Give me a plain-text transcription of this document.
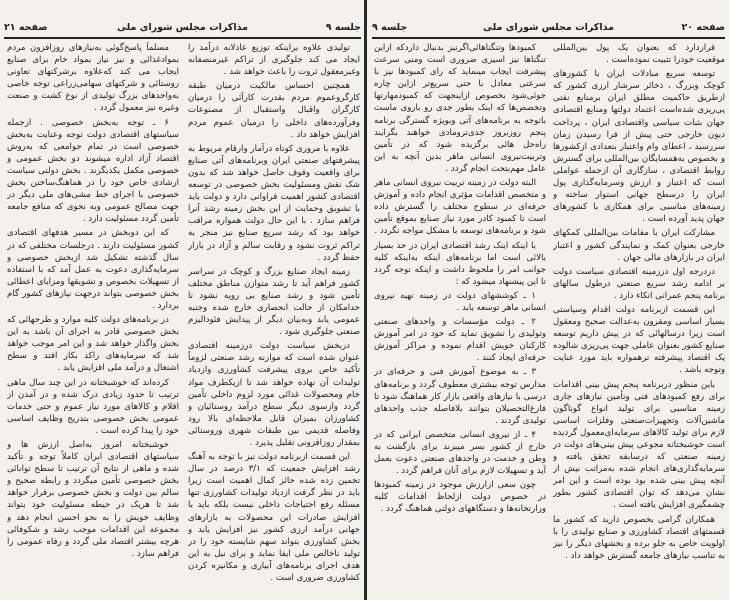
جلسه ۹
مذاکرات مجلس شورای ملی
صفحه ۲۱

تولیدی علاوه براینکه توزیع عادلانه درآمد را ایجاد می کند جلوگیری از تراکم غیرمنصفانه وغیرمعقول ثروت را باعث خواهد شد .

همچنین احساس مالکیت درمیان طبقه کارگروعموم مردم بقدرت کارآئی را درمیان کارگران واقبال واستقبال از مصنوعات وفرآورده‌های داخلی را درمیان عموم مردم افزایش خواهد داد .

علاوه با مروری کوتاه درآمار وارقام مربوط به پیشرفتهای صنعتی ایران وبرنامه‌های آتی صنایع برای واقعیت وقوف حاصل خواهد شد که بدون شک نقش ومسئولیت بخش خصوصی در توسعه اقتصادی کشور اهمیت فراوانی دارد و دولت باید با تشویق وحمایت از این بخش زمینه رشد آنرا فراهم سازد . با این حال دولت همواره مراقب خواهد بود که رشد سریع صنایع نیز منجر به تراکم ثروت نشود و رقابت سالم و آزاد در بازار حفظ گردد .

زمینه ایجاد صنایع بزرگ و کوچک در سراسر کشور فراهم آید تا رشد متوازن مناطق مختلف تأمین شود و رشد صنایع بی رویه نشود تا حدامکان از حالت انحصاری خارج شده وجنبه عمومی یابد وبه‌بیان دیگر از پیدایش فئودالیزم صنعتی جلوگیری شود .

دربخش سیاست دولت درزمینه اقتصادی عنوان شده است که موازنه رشد صنعتی لزوماً تأکید خاص بروی پیشرفت کشاورزی وازدیاد تولیدات آن نهاده خواهد شد تا ازیکطرف مواد خام ومحصولات غذائی مورد لزوم داخلی تأمین گردد وازسوی دیگر سطح درآمد روستائیان و کشاورزان بمیزان قابل ملاحظه‌ای بالا رود وفاصله قدیمی بین طبقات شهری وروستائی بمقدار روزافزونی تقلیل پذیرد .

این قسمت ازبرنامه دولت نیز با توجه به آهنگ رشد افزایش جمعیت که ۳/۱ درصد در سال تخمین زده شده حائز کمال اهمیت است زیرا باید در نظر گرفت ازدیاد تولیدات کشاورزی تنها مسئله رفع احتیاجات داخلی نیست بلکه باید با افزایش صادرات این محصولات به بازارهای جهانی درآمد ارزی کشور نیز افزایش یابد و بخش کشاورزی بتواند سهم شایسته خود را در تولید ناخالص ملی ایفا نماید و برای نیل به این هدف اجرای برنامه‌های آبیاری و مکانیزه کردن کشاورزی ضروری است .

مسلماً پاسخ‌گوئی به‌نیازهای روزافزون مردم بموادغذائی و نیز نیاز بمواد خام برای صنایع ایجاب می کند که‌علاوه برشرکتهای تعاونی روستائی و شرکتهای سهامی‌زراعی توجه خاصی به‌واحدهای بزرگ تولیدی از نوع کشت و صنعت وغیره نیز معمول گردد .

۶ ـ توجه به‌بخش خصوصی . ازجمله سیاستهای اقتصادی دولت توجه وعنایت به‌بخش خصوصی است در تمام جوامعی که به‌روش اقتصاد آزاد اداره میشوند دو بخش عمومی و خصوصی مکمل یکدیگرند . بخش دولتی سیاست ارشادی خاص خود را در هماهنگ‌ساختن بخش خصوصی با اجرای خط مشی‌های ملی دیگر در جهت مصالح عمومی وبه نحوی که منافع جامعه تأمین گردد مسئولیت دارد .

که این دوبخش در مسیر هدفهای اقتصادی کشور مسئولیت دارند . درجلسات مختلفی که در سال گذشته تشکیل شد ازبخش خصوصی و سرمایه‌گذاری دعوت به عمل آمد که با استفاده از تسهیلات بخصوص و تشویقها ومزایای اعطائی بخش خصوصی بتواند درجهت نیازهای کشور گام بردارد .

در برنامه‌های دولت کلیه موارد و طرحهائی که بخش خصوصی قادر به اجرای آن باشد به این بخش واگذار خواهد شد و این امر موجب خواهد شد که سرمایه‌های راکد بکار افتد و سطح اشتغال و درآمد ملی افزایش یابد .

کرده‌اند که خوشبختانه در این چند سال ماهی ترتیب تا حدود زیادی درک شده و در آمدن از اقلام و کالاهای مورد نیاز عموم و حتی خدمات عمومی بخش خصوصی بتدریج وظایف اساسی خود را پیدا کرده است .

خوشبختانه امروز به‌اصل ارزش ها و سیاستهای اقتصادی ایران کاملاً توجه و تأکید شده و ماهی از نتایج آن ترتیب تا سطح توانائی بخش خصوصی تأمین میگردد و رابطه صحیح و سالم بین دولت و بخش خصوصی برقرار خواهد شد تا هریک در حیطه مسئولیت خود بتواند وظایف خویش را به نحو احسن انجام دهد و مجموعه این اقدامات موجب رشد و شکوفائی هرچه بیشتر اقتصاد ملی گردد و رفاه عمومی را فراهم سازد .

صفحه ۲۰
مذاکرات مجلس شورای ملی
جلسه ۹

قراردارد که بعنوان یک پول بین‌المللی موقعیت خودرا تثبیت نموده‌است .

توسعه سریع مبادلات ایران با کشورهای کوچک وبزرگ ، ذخائر سرشار ارزی کشور که ازطریق حاکمیت مطلق ایران برمنابع نفتی پی‌ریزی شده‌است اعتماد دولتها ومنابع اقتصادی جهان بثبات سیاسی واقتصادی ایران ، پرداخت دیون خارجی حتی پیش از فرا رسیدن زمان سررسید ، اعطای وام واعتبار بتعدادی ازکشورها و بخصوص به‌همسایگان بین‌المللی برای گسترش روابط اقتصادی ، سازگاری آن ازجمله عواملی است که اعتبار و ارزش وسرمایه‌گذاری پول ایران را درسطح جهانی استوار ساخته و زمینه‌های مناسبی برای همکاری با کشورهای جهان پدید آورده است .

مشارکت ایران با مقامات بین‌المللی کمکهای خارجی بعنوان کمک و نمایندگی کشور و اعتبار ایران در بازارهای مالی جهان .

دردرجه اول درزمینه اقتصادی سیاست دولت بر ادامه رشد سریع صنعتی درطول سالهای برنامه پنجم عمرانی اتکاء دارد .

این قسمت ازبرنامه دولت اقدام وسیاستی بسیار اساسی ومقرون به‌عدالت صحیح ومعقول است زیرا درسالهائی که در پیش داریم توسعه صنایع کشور بعنوان عاملی جهت پی‌ریزی شالوده یک اقتصاد پیشرفته ترهمواره باید مورد عنایت وتوجه باشد .

باین منظور دربرنامه پنجم پیش بینی اقدامات برای رفع کمبودهای فنی وتأمین نیازهای جاری زمینه مناسبی برای تولید انواع گوناگون ماشین‌آلات وتجهیزات‌صنعتی وفلزات اساسی لازم برای تولید کالاهای سرمایه‌ای‌معمول گردیده است خوشبختانه مجوعی پیش بینی‌های دولت در زمینه صنعتی که درسابقه تحقق یافته و سرمایه‌گذاری‌های انجام شده به‌مراتب بیش از آنچه پیش بینی شده بود بوده است و این امر نشان می‌دهد که توان اقتصادی کشور بطور چشمگیری افزایش یافته است .

همکاران گرامی بخصوص دارید که کشور ما قسمتهای اقتصاد کشاورزی و صنایع تولیدی را با اولویت خاص به جلو برده و بخشهای دیگر را نیز به تناسب نیازهای جامعه گسترش خواهد داد .

کمبودها وتنگناهائی‌اگرنیز بدنبال داردکه ازاین تنگناها نیز اسیری ضروری است ومنی سرعت پیشرفت ایجاب مینماید که رای کمبودها نیز با سرعتی معادل با حتی سریع‌تر ازاین چاره جوئی‌شود بخصوص ازاینجهت که کمبودمهارتها وتخصص‌ها که اینک بطور جدی رو باروی ماست باتوجه به برنامه‌های آتی وبویژه گسترگی برنامه پنجم روزبروز جدی‌ترومادی خواهند بگرایند راه‌حل هائی برگزیده شود که در تأمین وتربیت‌نیروی انسانی ماهر بدین آنچه به ‌این عامل مهم‌بتحت انجام گردد .

البته دولت در زمینه تربیت نیروی انسانی ماهر و متخصص اقدامات مؤثری انجام داده و آموزش حرفه‌ای در سطوح مختلف را گسترش داده است تا کمبود کادر مورد نیاز صنایع بموقع تأمین شود و برنامه‌های توسعه با مشکل مواجه نگردد .

با اینکه اینک رشد اقتصادی ایران در حد بسیار بالائی است اما برنامه‌های اینکه به‌اینکه کلیه جوانب امر را ملحوظ داشت و اینکه توجه گردد تا این پیشنهاد میشود که :

۱ ـ کوششهای دولت در زمینه تهیه نیروی انسانی ماهر توسعه یابد .

۲ ـ دولت مؤسسات و واحدهای صنعتی وتولیدی را تشویق نماید که خود در امر آموزش کارکنان خویش اقدام نموده و مراکز آموزش حرفه‌ای ایجاد کنند .

۳ ـ به موضوع آموزش فنی و حرفه‌ای در مدارس توجه بیشتری معطوف گردد و برنامه‌های درسی با نیازهای واقعی بازار کار هماهنگ شود تا فارغ‌التحصیلان بتوانند بلافاصله جذب واحدهای تولیدی گردند .

۴ ـ از نیروی انسانی متخصص ایرانی که در خارج از کشور بسر میبرند برای بازگشت به وطن و خدمت در واحدهای صنعتی دعوت بعمل آید و تسهیلات لازم برای آنان فراهم گردد .

چون سعی ازارزش موجود در زمینه کمبودها در خصوص دولت ازلحاظ اقدامات کلیه وزارتخانه‌ها و دستگاههای دولتی هماهنگ گردد .
